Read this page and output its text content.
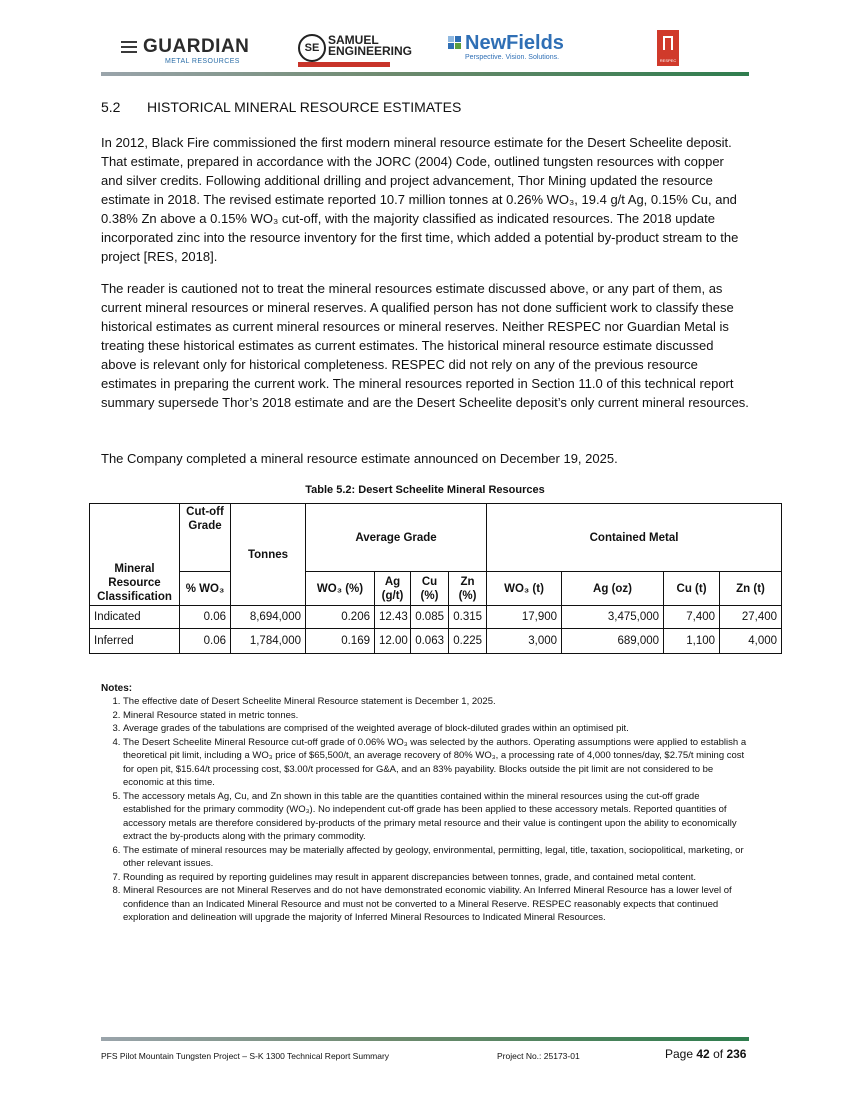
GUARDIAN
METAL RESOURCES
SE
SAMUEL
ENGINEERING	NewFields
Perspective. Vision. Solutions.	RESPEC
5.2 HISTORICAL MINERAL RESOURCE ESTIMATES

In 2012, Black Fire commissioned the first modern mineral resource estimate for the Desert Scheelite deposit. That estimate, prepared in accordance with the JORC (2004) Code, outlined tungsten resources with copper and silver credits. Following additional drilling and project advancement, Thor Mining updated the resource estimate in 2018. The revised estimate reported 10.7 million tonnes at 0.26% WO₃, 19.4 g/t Ag, 0.15% Cu, and 0.38% Zn above a 0.15% WO₃ cut-off, with the majority classified as indicated resources. The 2018 update incorporated zinc into the resource inventory for the first time, which added a potential by-product stream to the project [RES, 2018].

The reader is cautioned not to treat the mineral resources estimate discussed above, or any part of them, as current mineral resources or mineral reserves. A qualified person has not done sufficient work to classify these historical estimates as current mineral resources or mineral reserves. Neither RESPEC nor Guardian Metal is treating these historical estimates as current estimates. The historical mineral resource estimate discussed above is relevant only for historical completeness. RESPEC did not rely on any of the previous resource estimates in preparing the current work. The mineral resources reported in Section 11.0 of this technical report summary supersede Thor’s 2018 estimate and are the Desert Scheelite deposit’s only current mineral resources.

The Company completed a mineral resource estimate announced on December 19, 2025.

Table 5.2: Desert Scheelite Mineral Resources
Mineral Resource Classification	Cut-off Grade	Tonnes	Average Grade				Contained Metal			
	% WO₃		WO₃ (%)	Ag (g/t)	Cu (%)	Zn (%)	WO₃ (t)	Ag (oz)	Cu (t)	Zn (t)
Indicated	0.06	8,694,000	0.206	12.43	0.085	0.315	17,900	3,475,000	7,400	27,400
Inferred	0.06	1,784,000	0.169	12.00	0.063	0.225	3,000	689,000	1,100	4,000
Notes:
1. The effective date of Desert Scheelite Mineral Resource statement is December 1, 2025.
2. Mineral Resource stated in metric tonnes.
3. Average grades of the tabulations are comprised of the weighted average of block-diluted grades within an optimised pit.
4. The Desert Scheelite Mineral Resource cut-off grade of 0.06% WO₃ was selected by the authors. Operating assumptions were applied to establish a theoretical pit limit, including a WO₃ price of $65,500/t, an average recovery of 80% WO₃, a processing rate of 4,000 tonnes/day, $2.75/t mining cost for open pit, $15.64/t processing cost, $3.00/t processed for G&A, and an 83% payability. Blocks outside the pit limit are not considered to be economic at this time.
5. The accessory metals Ag, Cu, and Zn shown in this table are the quantities contained within the mineral resources using the cut-off grade established for the primary commodity (WO₃). No independent cut-off grade has been applied to these accessory metals. Reported quantities of accessory metals are therefore considered by-products of the primary metal resource and their value is contingent upon the ability to economically extract the by-products along with the primary commodity.
6. The estimate of mineral resources may be materially affected by geology, environmental, permitting, legal, title, taxation, sociopolitical, marketing, or other relevant issues.
7. Rounding as required by reporting guidelines may result in apparent discrepancies between tonnes, grade, and contained metal content.
8. Mineral Resources are not Mineral Reserves and do not have demonstrated economic viability. An Inferred Mineral Resource has a lower level of confidence than an Indicated Mineral Resource and must not be converted to a Mineral Reserve. RESPEC reasonably expects that continued exploration and delineation will upgrade the majority of Inferred Mineral Resources to Indicated Mineral Resources.
PFS Pilot Mountain Tungsten Project – S-K 1300 Technical Report Summary	Project No.: 25173-01	Page 42 of 236
